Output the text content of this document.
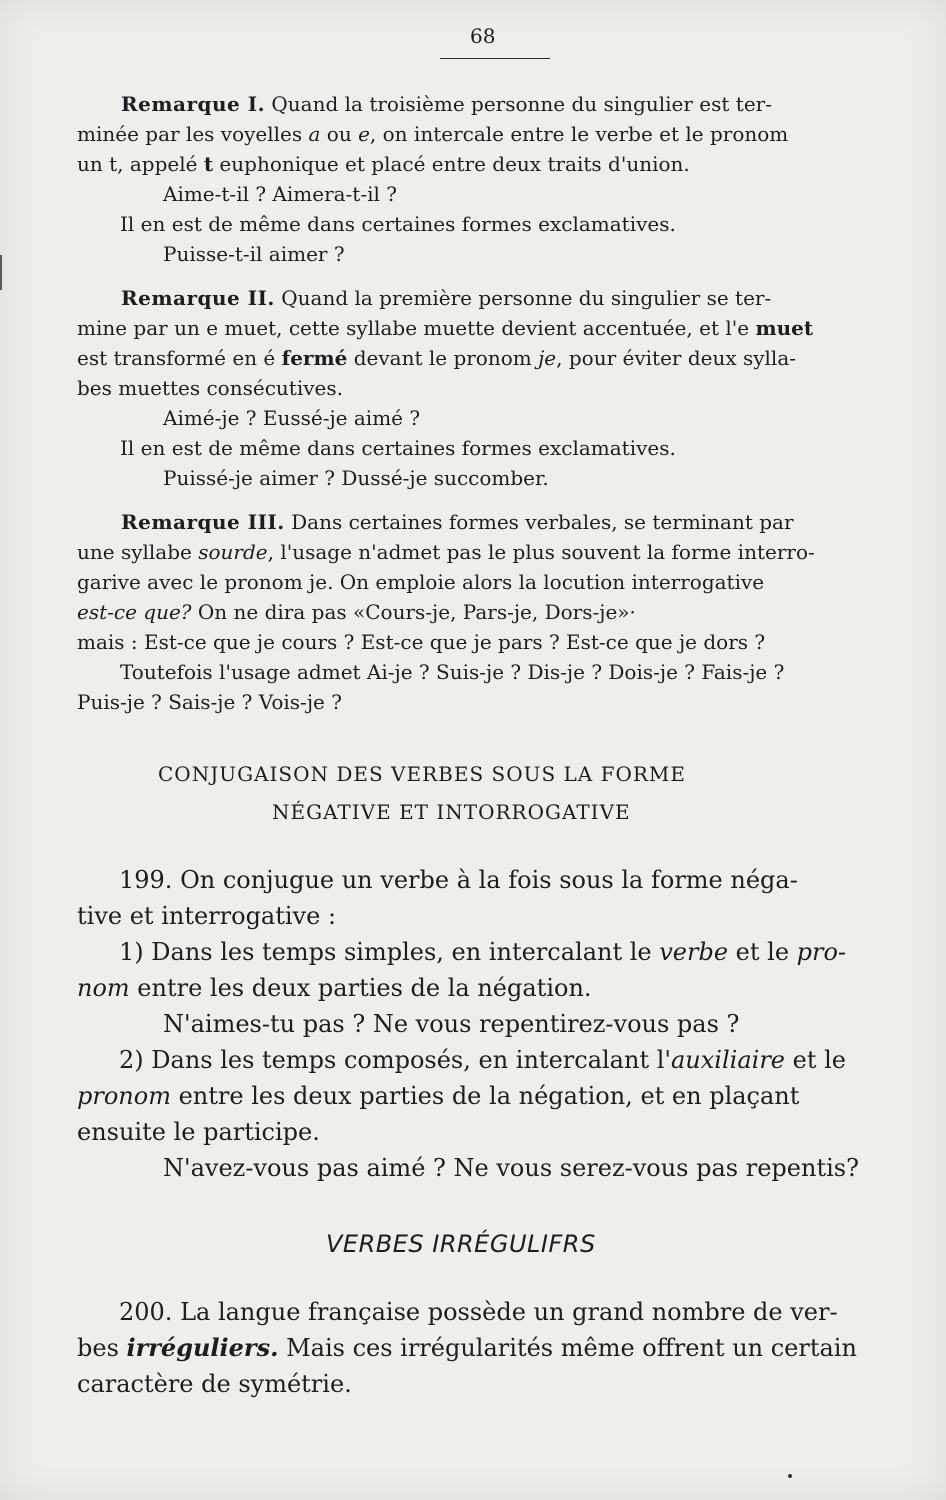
68
Remarque I. Quand la troisième personne du singulier est ter-
minée par les voyelles a ou e, on intercale entre le verbe et le pronom
un t, appelé t euphonique et placé entre deux traits d'union.
Aime-t-il ? Aimera-t-il ?
Il en est de même dans certaines formes exclamatives.
Puisse-t-il aimer ?
Remarque II. Quand la première personne du singulier se ter-
mine par un e muet, cette syllabe muette devient accentuée, et l'e muet
est transformé en é fermé devant le pronom je, pour éviter deux sylla-
bes muettes consécutives.
Aimé-je ? Eussé-je aimé ?
Il en est de même dans certaines formes exclamatives.
Puissé-je aimer ? Dussé-je succomber.
Remarque III. Dans certaines formes verbales, se terminant par
une syllabe sourde, l'usage n'admet pas le plus souvent la forme interro-
garive avec le pronom je. On emploie alors la locution interrogative
est-ce que? On ne dira pas «Cours-je, Pars-je, Dors-je»·
mais : Est-ce que je cours ? Est-ce que je pars ? Est-ce que je dors ?
Toutefois l'usage admet Ai-je ? Suis-je ? Dis-je ? Dois-je ? Fais-je ?
Puis-je ? Sais-je ? Vois-je ?
CONJUGAISON DES VERBES SOUS LA FORME
NÉGATIVE ET INTORROGATIVE
199. On conjugue un verbe à la fois sous la forme néga-
tive et interrogative :
1) Dans les temps simples, en intercalant le verbe et le pro-
nom entre les deux parties de la négation.
N'aimes-tu pas ? Ne vous repentirez-vous pas ?
2) Dans les temps composés, en intercalant l'auxiliaire et le
pronom entre les deux parties de la négation, et en plaçant
ensuite le participe.
N'avez-vous pas aimé ? Ne vous serez-vous pas repentis?
VERBES IRRÉGULIFRS
200. La langue française possède un grand nombre de ver-
bes irréguliers. Mais ces irrégularités même offrent un certain
caractère de symétrie.
